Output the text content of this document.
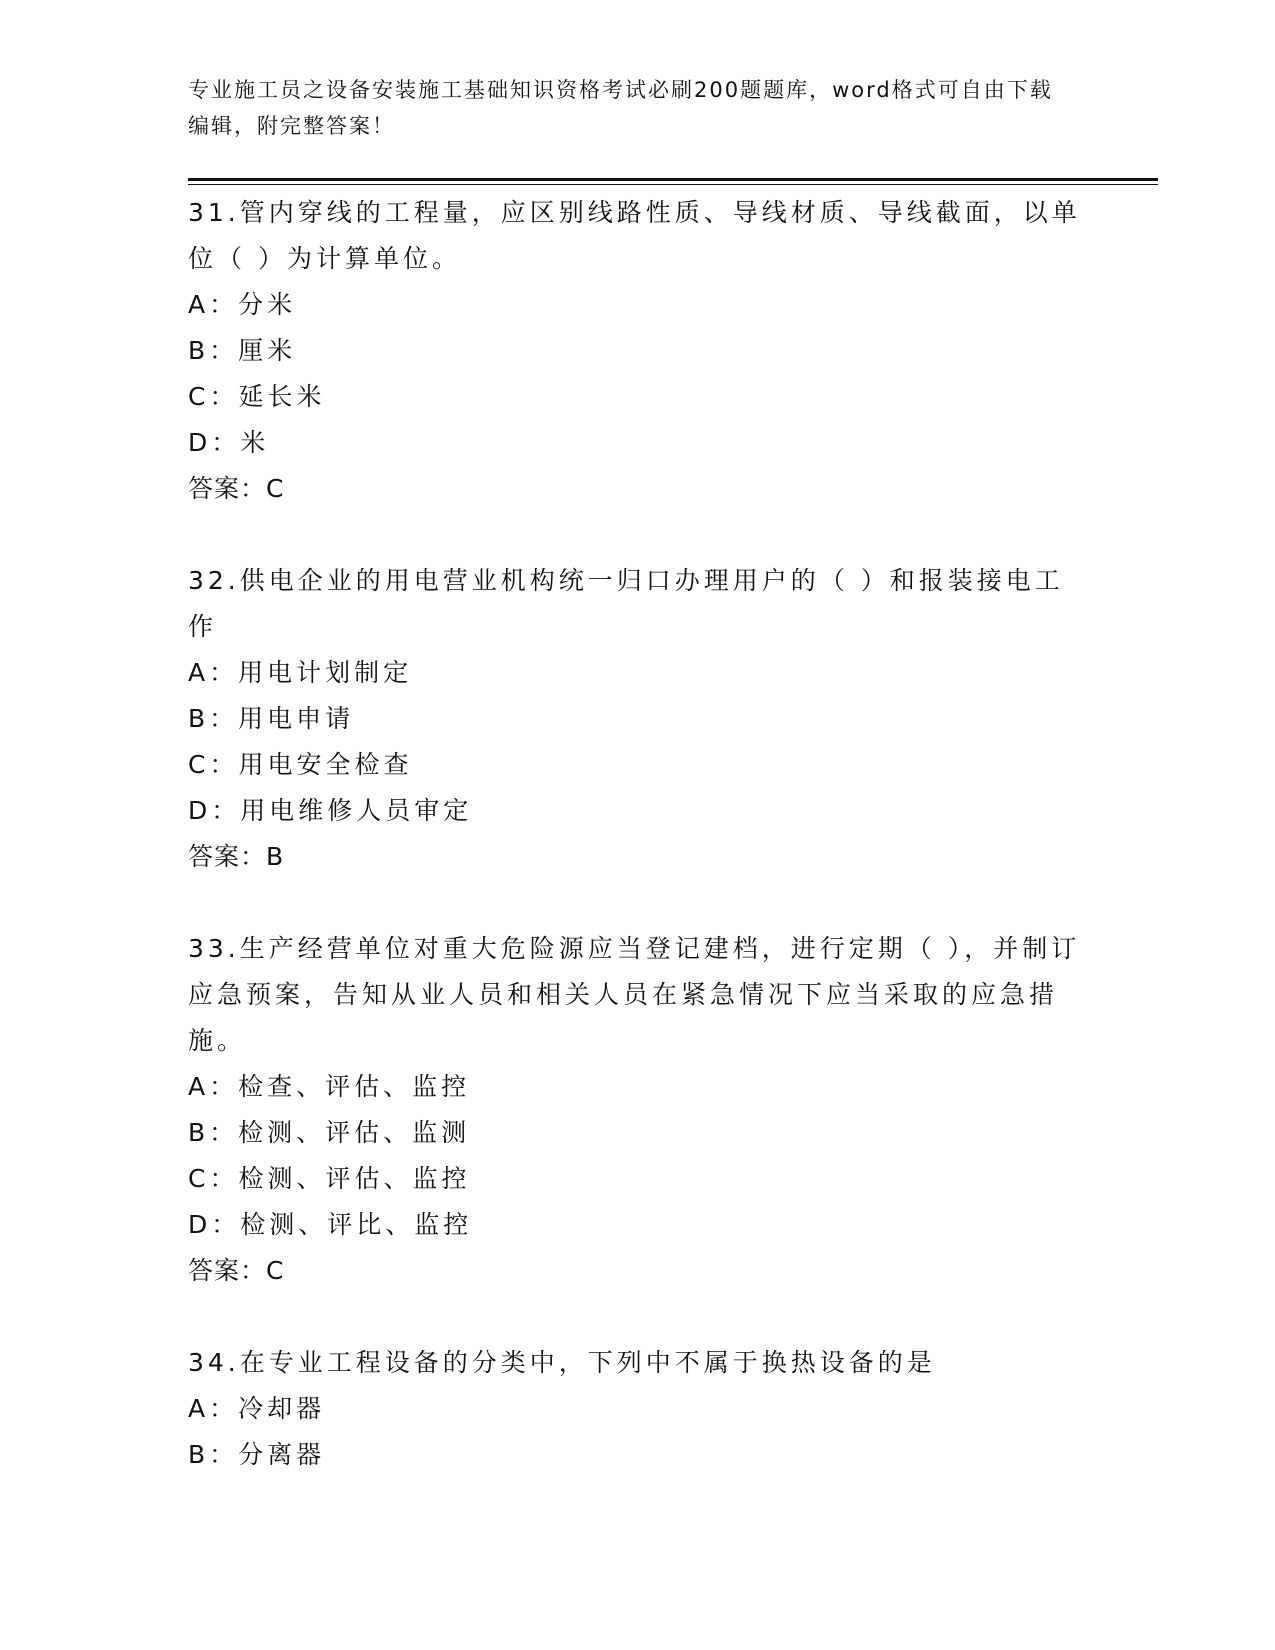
专业施工员之设备安装施工基础知识资格考试必刷200题题库，word格式可自由下载编辑，附完整答案！

31.管内穿线的工程量，应区别线路性质、导线材质、导线截面，以单位（ ）为计算单位。

A：分米

B：厘米

C：延长米

D：米

答案：C

32.供电企业的用电营业机构统一归口办理用户的（ ）和报装接电工作

A：用电计划制定

B：用电申请

C：用电安全检查

D：用电维修人员审定

答案：B

33.生产经营单位对重大危险源应当登记建档，进行定期（ ），并制订应急预案，告知从业人员和相关人员在紧急情况下应当采取的应急措施。

A：检查、评估、监控

B：检测、评估、监测

C：检测、评估、监控

D：检测、评比、监控

答案：C

34.在专业工程设备的分类中，下列中不属于换热设备的是

A：冷却器

B：分离器
